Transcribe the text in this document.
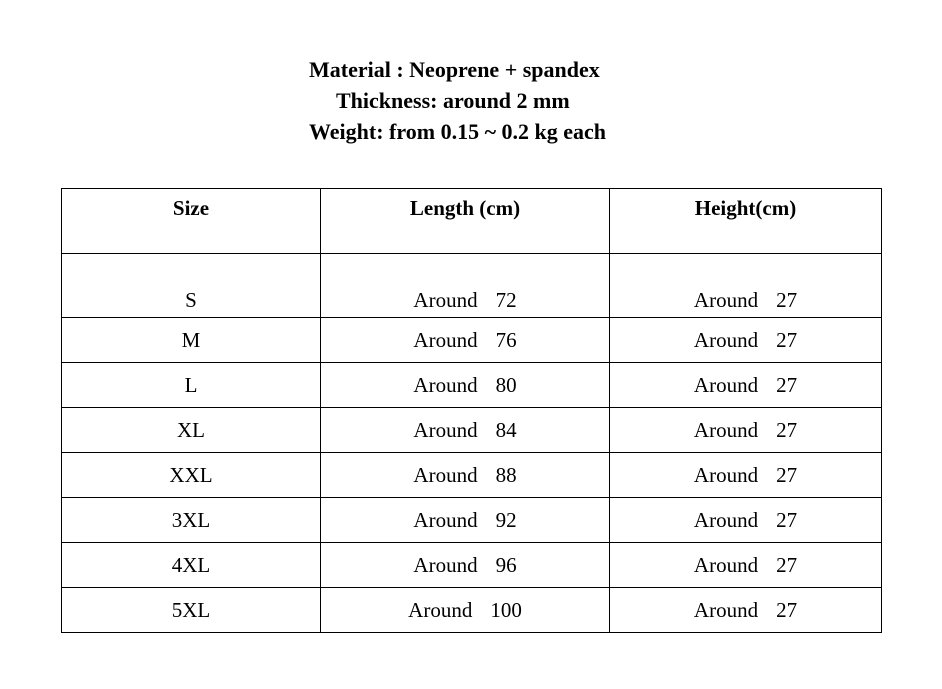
Material : Neoprene + spandex
Thickness: around 2 mm
Weight: from 0.15 ~ 0.2 kg each
Size	Length (cm)	Height(cm)
S	Around 72	Around 27
M	Around 76	Around 27
L	Around 80	Around 27
XL	Around 84	Around 27
XXL	Around 88	Around 27
3XL	Around 92	Around 27
4XL	Around 96	Around 27
5XL	Around 100	Around 27
